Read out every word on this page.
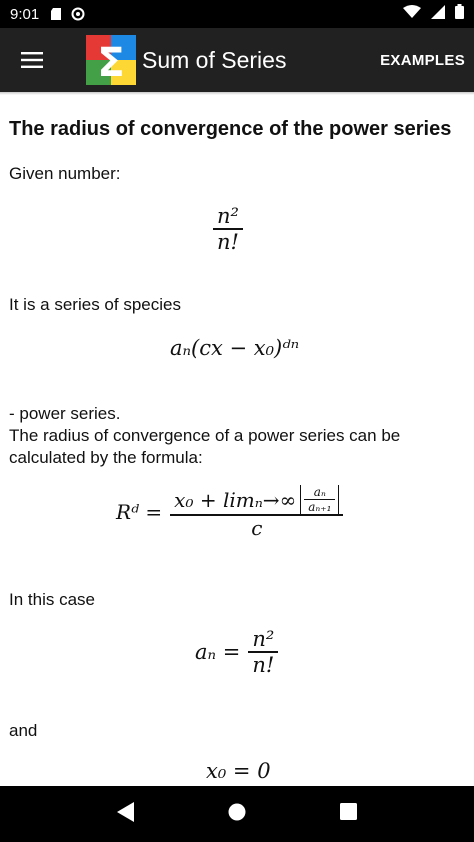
9:01
Σ Sum of Series	EXAMPLES
The radius of convergence of the power series
Given number:
$\frac{\text{n²}}{n!}$
It is a series of species
aₙ(cx − x₀)ᵈⁿ
- power series.
The radius of convergence of a power series can be calculated by the formula:
Rᵈ =
$x_0 + \lim_n\to\infty \frac{\text{aₙ}}{\text{aₙ₊₁}}$
c
In this case
$a_n = \frac{\text{n²}}{n!}$
and
x₀ = 0
